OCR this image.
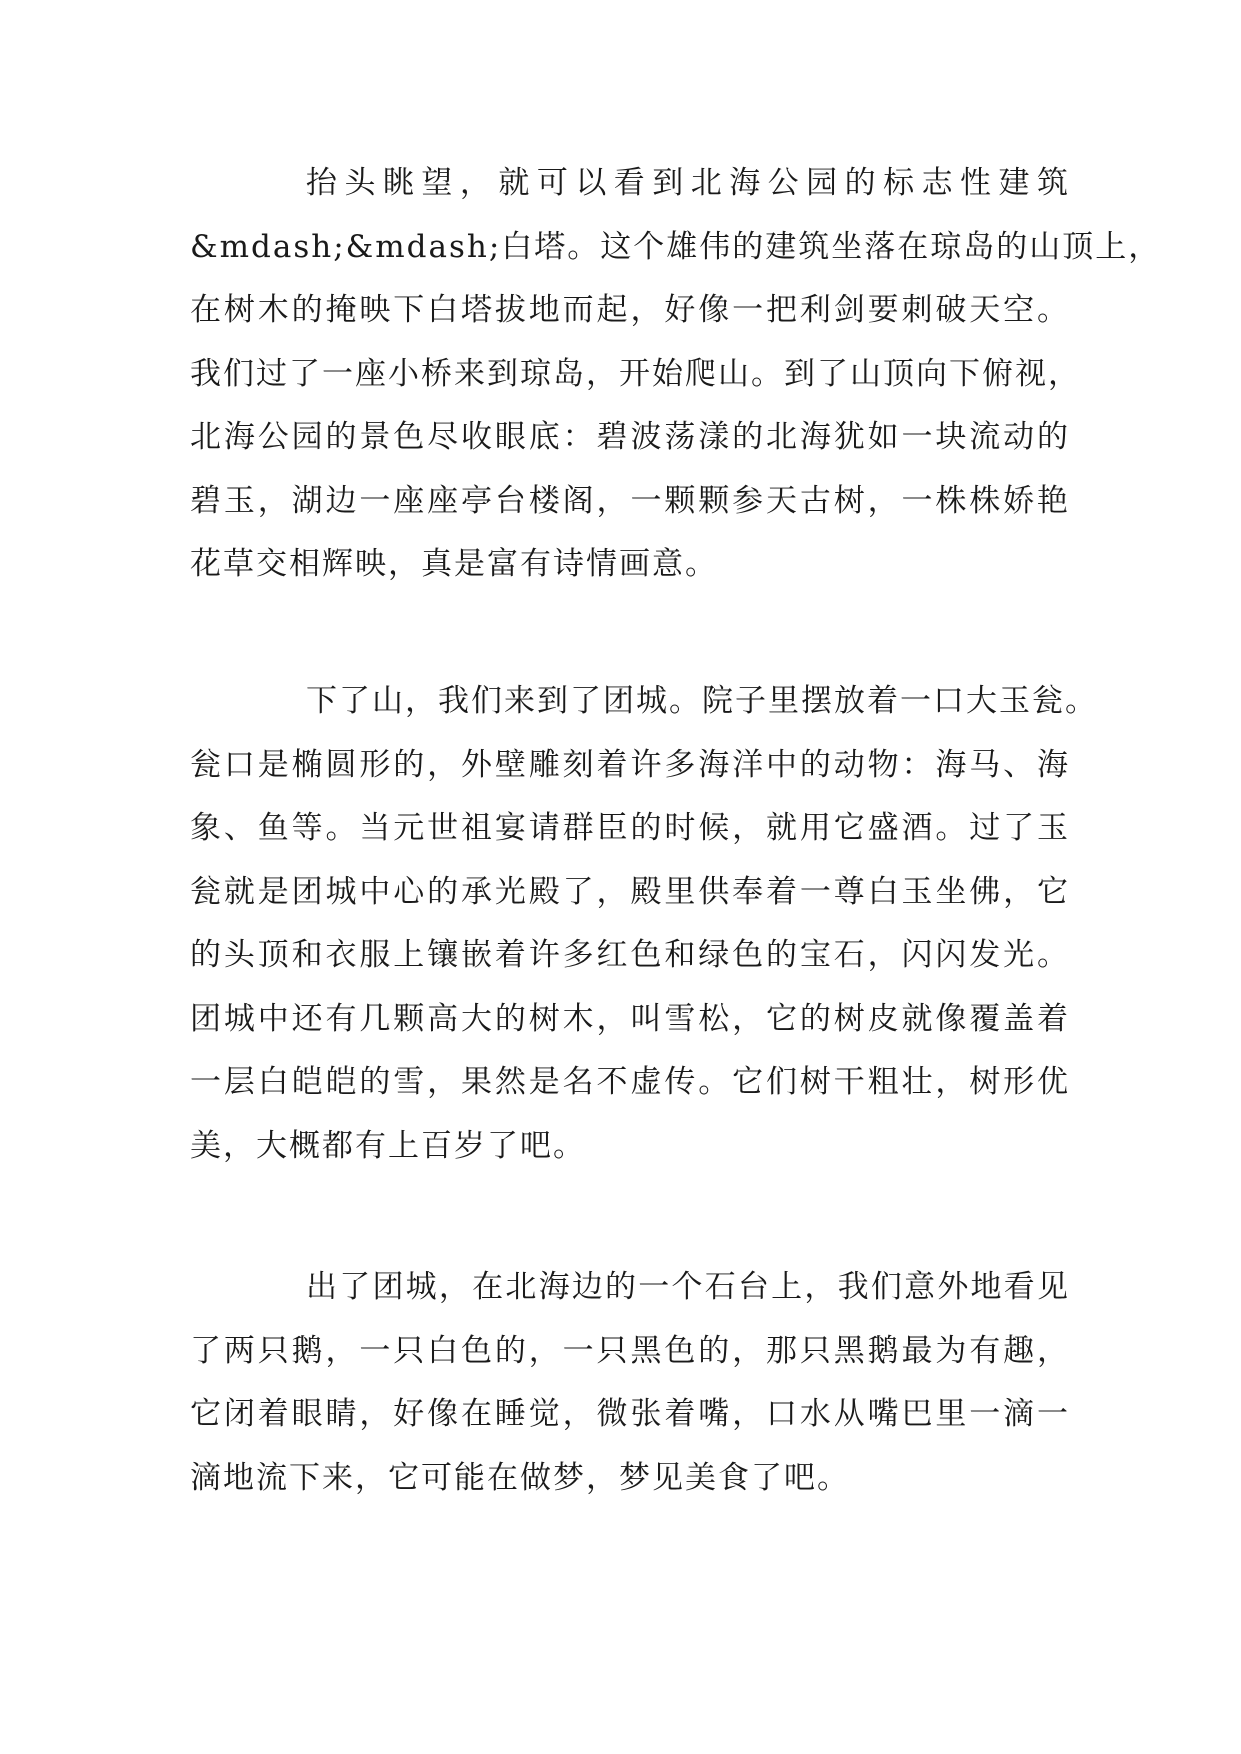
抬头眺望，就可以看到北海公园的标志性建筑
&mdash;&mdash;白塔。这个雄伟的建筑坐落在琼岛的山顶上，
在树木的掩映下白塔拔地而起，好像一把利剑要刺破天空。
我们过了一座小桥来到琼岛，开始爬山。到了山顶向下俯视，
北海公园的景色尽收眼底：碧波荡漾的北海犹如一块流动的
碧玉，湖边一座座亭台楼阁，一颗颗参天古树，一株株娇艳
花草交相辉映，真是富有诗情画意。

下了山，我们来到了团城。院子里摆放着一口大玉瓮。
瓮口是椭圆形的，外壁雕刻着许多海洋中的动物：海马、海
象、鱼等。当元世祖宴请群臣的时候，就用它盛酒。过了玉
瓮就是团城中心的承光殿了，殿里供奉着一尊白玉坐佛，它
的头顶和衣服上镶嵌着许多红色和绿色的宝石，闪闪发光。
团城中还有几颗高大的树木，叫雪松，它的树皮就像覆盖着
一层白皑皑的雪，果然是名不虚传。它们树干粗壮，树形优
美，大概都有上百岁了吧。

出了团城，在北海边的一个石台上，我们意外地看见
了两只鹅，一只白色的，一只黑色的，那只黑鹅最为有趣，
它闭着眼睛，好像在睡觉，微张着嘴，口水从嘴巴里一滴一
滴地流下来，它可能在做梦，梦见美食了吧。
